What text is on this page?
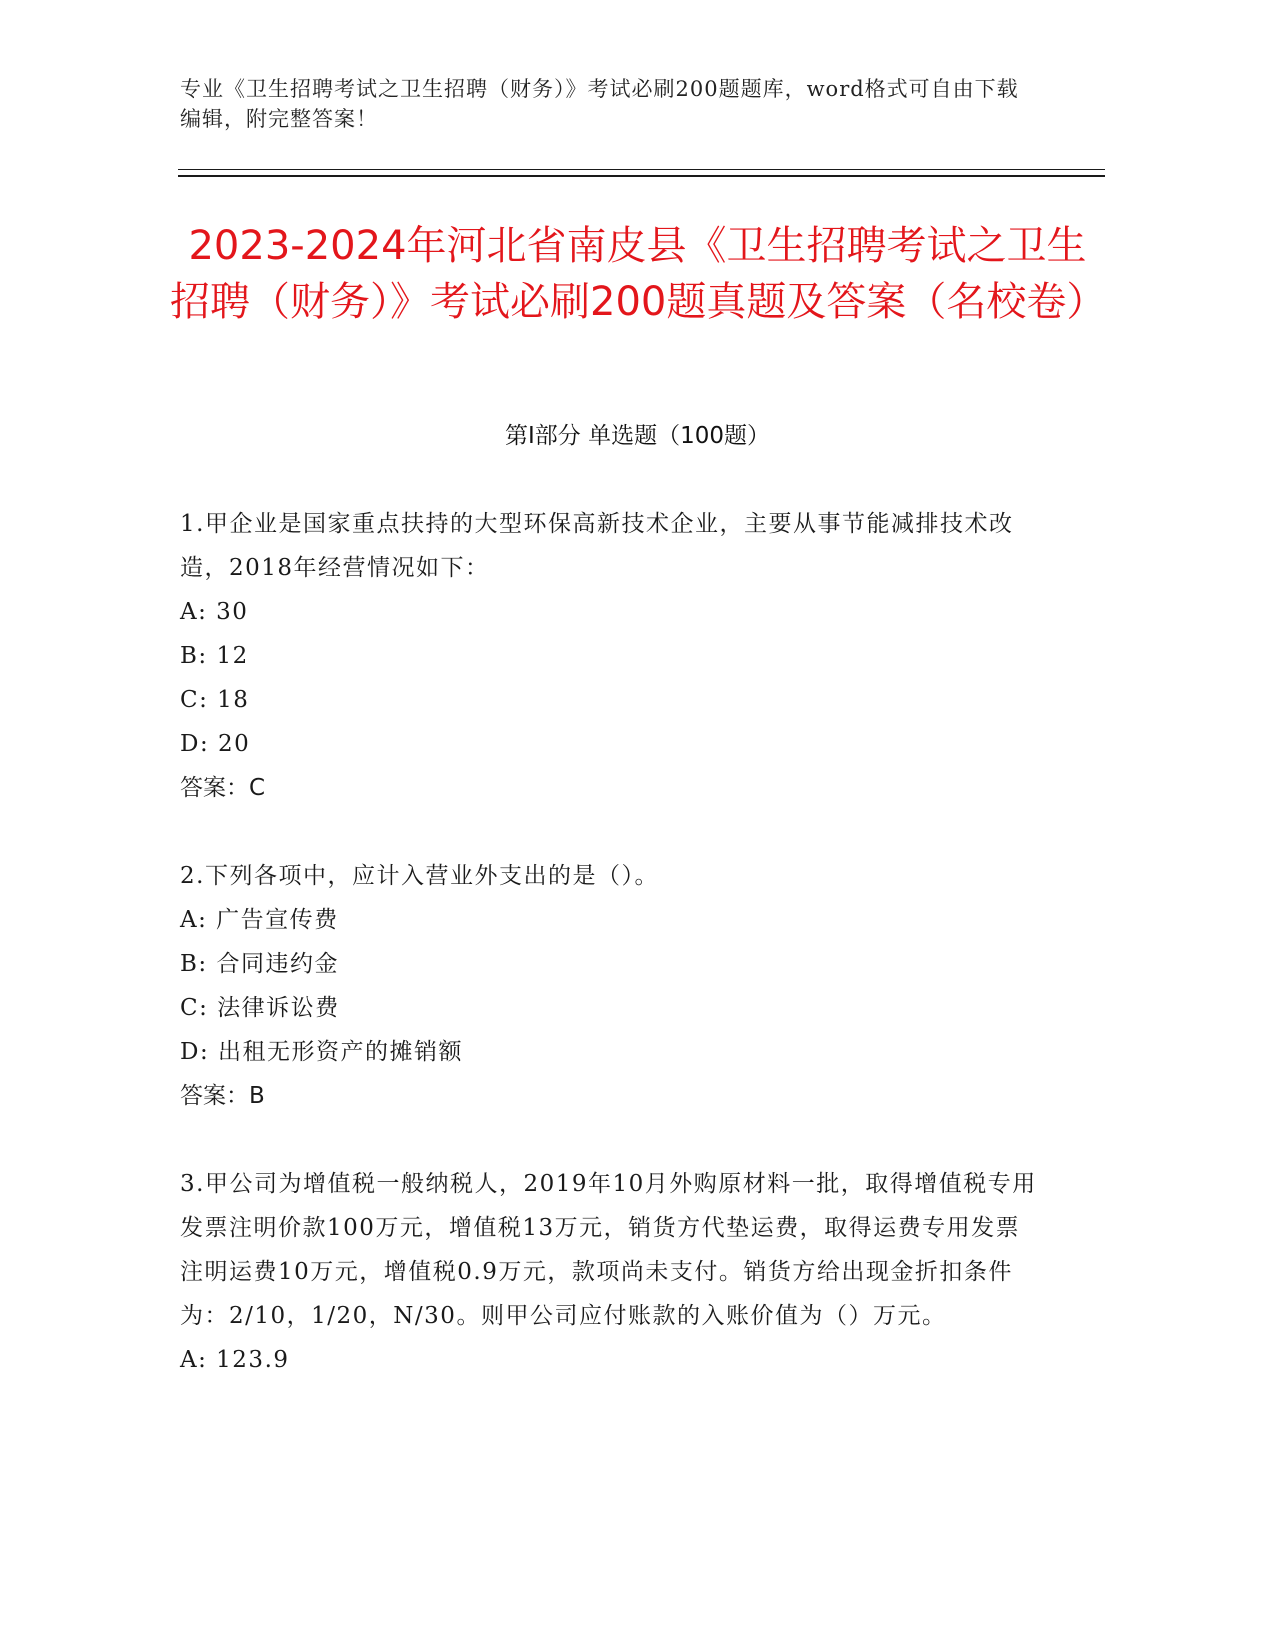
专业《卫生招聘考试之卫生招聘（财务）》考试必刷200题题库，word格式可自由下载编辑，附完整答案！
2023-2024年河北省南皮县《卫生招聘考试之卫生招聘（财务）》考试必刷200题真题及答案（名校卷）
第I部分 单选题（100题）

1.甲企业是国家重点扶持的大型环保高新技术企业，主要从事节能减排技术改造，2018年经营情况如下：

A: 30

B: 12

C: 18

D: 20

答案：C

2.下列各项中，应计入营业外支出的是（）。

A: 广告宣传费

B: 合同违约金

C: 法律诉讼费

D: 出租无形资产的摊销额

答案：B

3.甲公司为增值税一般纳税人，2019年10月外购原材料一批，取得增值税专用发票注明价款100万元，增值税13万元，销货方代垫运费，取得运费专用发票注明运费10万元，增值税0.9万元，款项尚未支付。销货方给出现金折扣条件为：2/10，1/20，N/30。则甲公司应付账款的入账价值为（）万元。

A: 123.9
